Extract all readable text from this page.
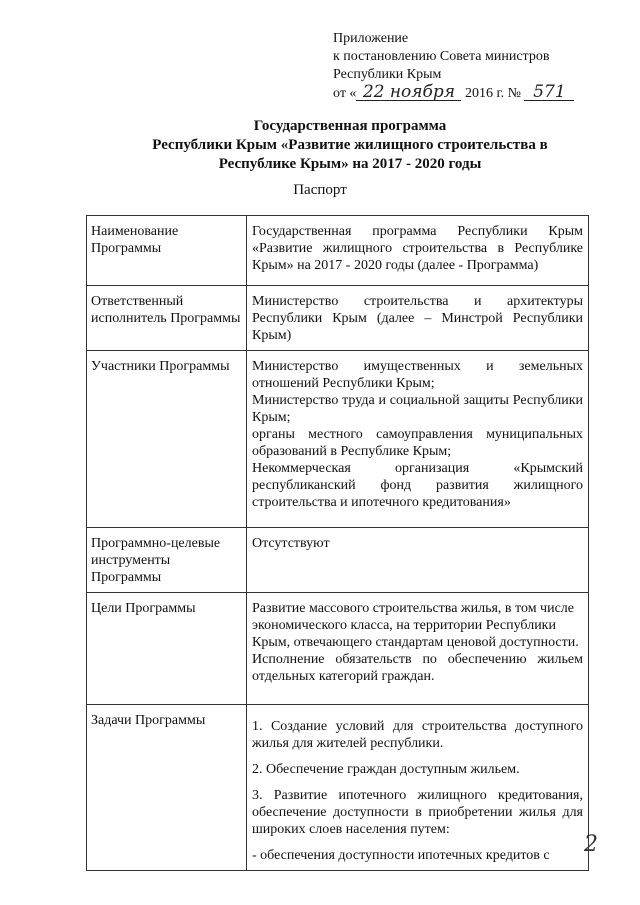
Приложение
к постановлению Совета министров
Республики Крым
от « 22 ноября 2016 г. № 571
Государственная программа
Республики Крым «Развитие жилищного строительства в
Республике Крым» на 2017 - 2020 годы
Паспорт
Наименование Программы	Государственная программа Республики Крым «Развитие жилищного строительства в Республике Крым» на 2017 - 2020 годы (далее - Программа)

Ответственный исполнитель Программы	Министерство строительства и архитектуры Республики Крым (далее – Минстрой Республики Крым)

Участники Программы	Министерство имущественных и земельных отношений Республики Крым;
Министерство труда и социальной защиты Республики Крым;
органы местного самоуправления муниципальных образований в Республике Крым;
Некоммерческая организация «Крымский республиканский фонд развития жилищного строительства и ипотечного кредитования»

Программно-целевые инструменты Программы	Отсутствуют

Цели Программы	Развитие массового строительства жилья, в том числе экономического класса, на территории Республики Крым, отвечающего стандартам ценовой доступности.
Исполнение обязательств по обеспечению жильем отдельных категорий граждан.

Задачи Программы	1. Создание условий для строительства доступного жилья для жителей республики.

2. Обеспечение граждан доступным жильем.

3. Развитие ипотечного жилищного кредитования, обеспечение доступности в приобретении жилья для широких слоев населения путем:

- обеспечения доступности ипотечных кредитов с	2
